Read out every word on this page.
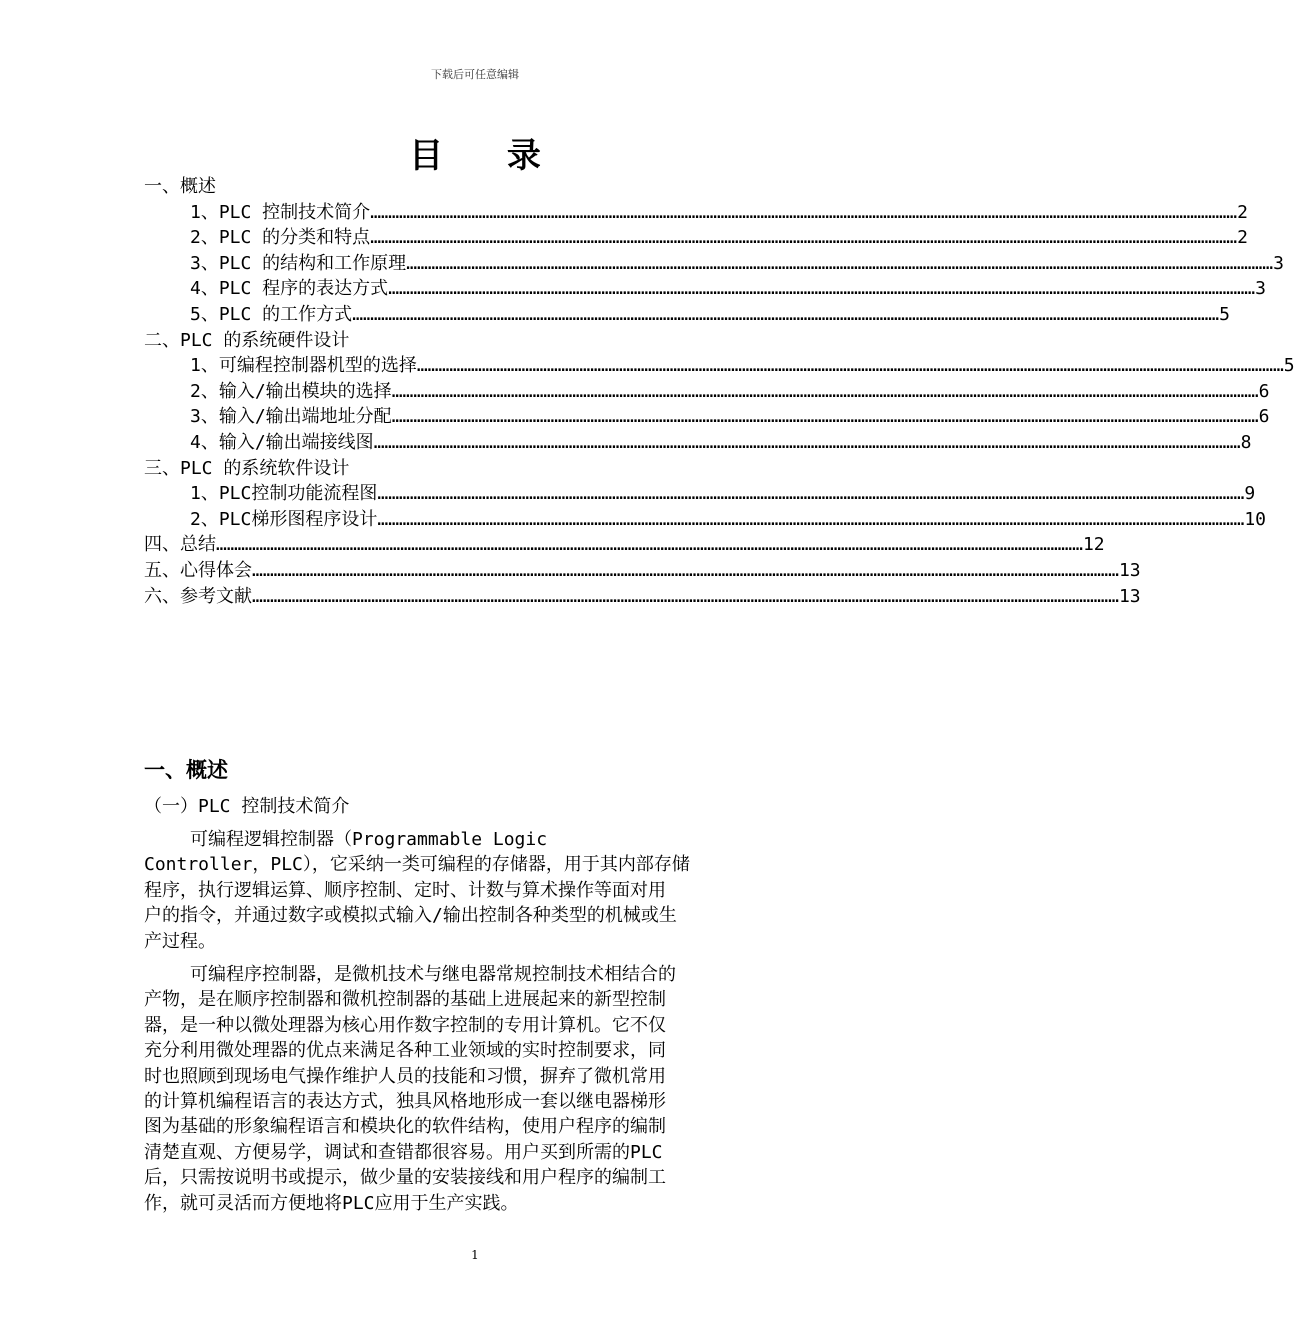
下载后可任意编辑
目 录
一、概述
1、PLC 控制技术简介 …………………………………………………………………………………………………………………………………………………………………………………………………………………… 2
2、PLC 的分类和特点 …………………………………………………………………………………………………………………………………………………………………………………………………………………… 2
3、PLC 的结构和工作原理 …………………………………………………………………………………………………………………………………………………………………………………………………………………… 3
4、PLC 程序的表达方式 …………………………………………………………………………………………………………………………………………………………………………………………………………………… 3
5、PLC 的工作方式 …………………………………………………………………………………………………………………………………………………………………………………………………………………… 5
二、PLC 的系统硬件设计
1、可编程控制器机型的选择 …………………………………………………………………………………………………………………………………………………………………………………………………………………… 5
2、输入/输出模块的选择 …………………………………………………………………………………………………………………………………………………………………………………………………………………… 6
3、输入/输出端地址分配 …………………………………………………………………………………………………………………………………………………………………………………………………………………… 6
4、输入/输出端接线图 …………………………………………………………………………………………………………………………………………………………………………………………………………………… 8
三、PLC 的系统软件设计
1、PLC控制功能流程图 …………………………………………………………………………………………………………………………………………………………………………………………………………………… 9
2、PLC梯形图程序设计 …………………………………………………………………………………………………………………………………………………………………………………………………………………… 10
四、总结 …………………………………………………………………………………………………………………………………………………………………………………………………………………… 12
五、心得体会 …………………………………………………………………………………………………………………………………………………………………………………………………………………… 13
六、参考文献 …………………………………………………………………………………………………………………………………………………………………………………………………………………… 13
一、概述
（一）PLC 控制技术简介
可编程逻辑控制器（Programmable Logic
Controller，PLC），它采纳一类可编程的存储器，用于其内部存储
程序，执行逻辑运算、顺序控制、定时、计数与算术操作等面对用
户的指令，并通过数字或模拟式输入/输出控制各种类型的机械或生
产过程。
可编程序控制器，是微机技术与继电器常规控制技术相结合的
产物，是在顺序控制器和微机控制器的基础上进展起来的新型控制
器，是一种以微处理器为核心用作数字控制的专用计算机。它不仅
充分利用微处理器的优点来满足各种工业领域的实时控制要求，同
时也照顾到现场电气操作维护人员的技能和习惯，摒弃了微机常用
的计算机编程语言的表达方式，独具风格地形成一套以继电器梯形
图为基础的形象编程语言和模块化的软件结构，使用户程序的编制
清楚直观、方便易学，调试和查错都很容易。用户买到所需的PLC
后，只需按说明书或提示，做少量的安装接线和用户程序的编制工
作，就可灵活而方便地将PLC应用于生产实践。
1
